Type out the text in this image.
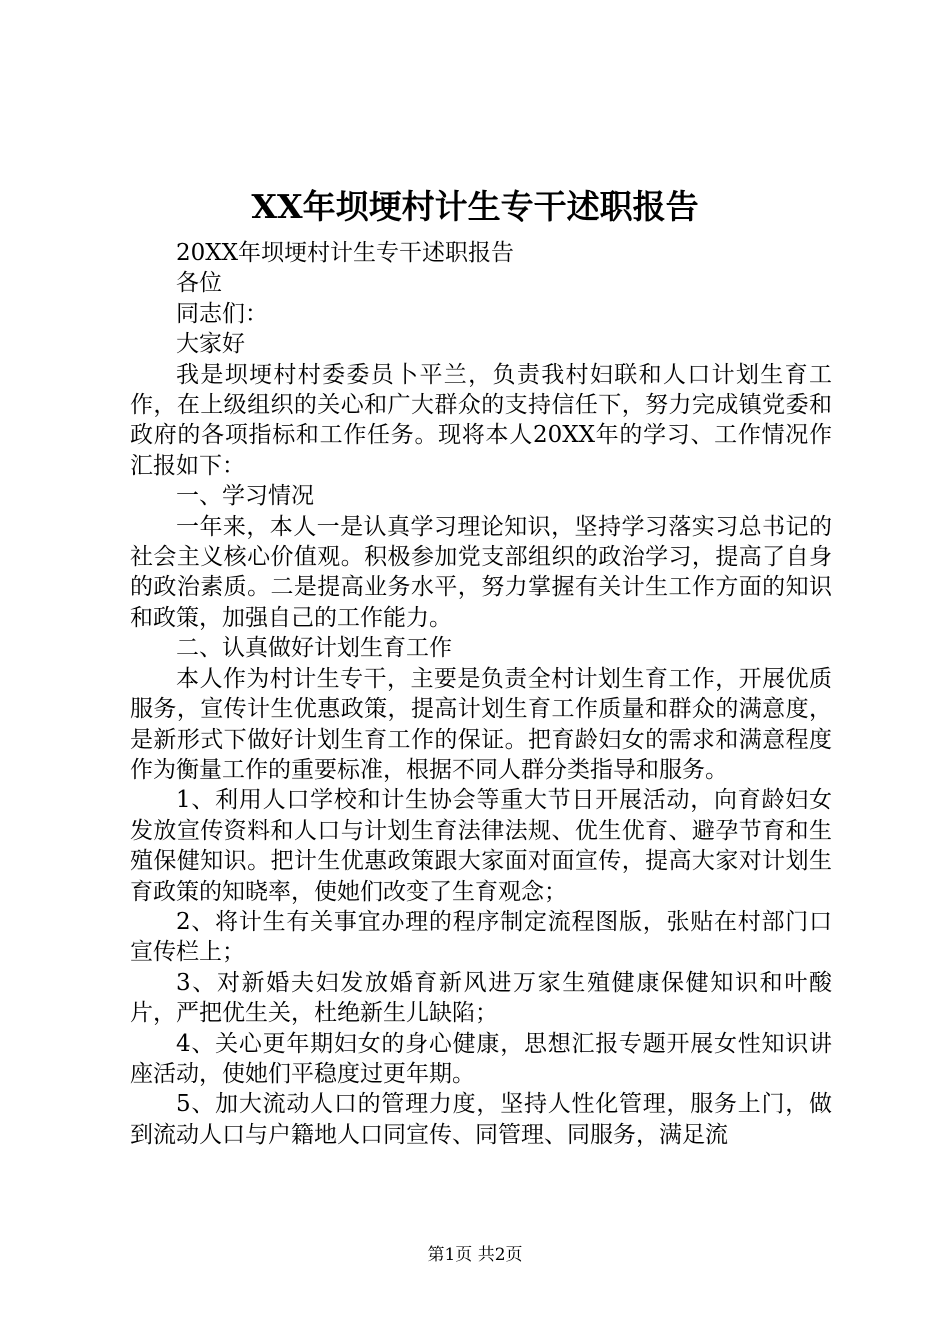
XX年坝埂村计生专干述职报告

20XX年坝埂村计生专干述职报告

各位

同志们：

大家好

我是坝埂村村委委员卜平兰，负责我村妇联和人口计划生育工作，在上级组织的关心和广大群众的支持信任下，努力完成镇党委和政府的各项指标和工作任务。现将本人20XX年的学习、工作情况作汇报如下：

一、学习情况

一年来，本人一是认真学习理论知识，坚持学习落实习总书记的社会主义核心价值观。积极参加党支部组织的政治学习，提高了自身的政治素质。二是提高业务水平，努力掌握有关计生工作方面的知识和政策，加强自己的工作能力。

二、认真做好计划生育工作

本人作为村计生专干，主要是负责全村计划生育工作，开展优质服务，宣传计生优惠政策，提高计划生育工作质量和群众的满意度，是新形式下做好计划生育工作的保证。把育龄妇女的需求和满意程度作为衡量工作的重要标准，根据不同人群分类指导和服务。

1、利用人口学校和计生协会等重大节日开展活动，向育龄妇女发放宣传资料和人口与计划生育法律法规、优生优育、避孕节育和生殖保健知识。把计生优惠政策跟大家面对面宣传，提高大家对计划生育政策的知晓率，使她们改变了生育观念；

2、将计生有关事宜办理的程序制定流程图版，张贴在村部门口宣传栏上；

3、对新婚夫妇发放婚育新风进万家生殖健康保健知识和叶酸片，严把优生关，杜绝新生儿缺陷；

4、关心更年期妇女的身心健康，思想汇报专题开展女性知识讲座活动，使她们平稳度过更年期。

5、加大流动人口的管理力度，坚持人性化管理，服务上门，做到流动人口与户籍地人口同宣传、同管理、同服务，满足流

第1页 共2页
